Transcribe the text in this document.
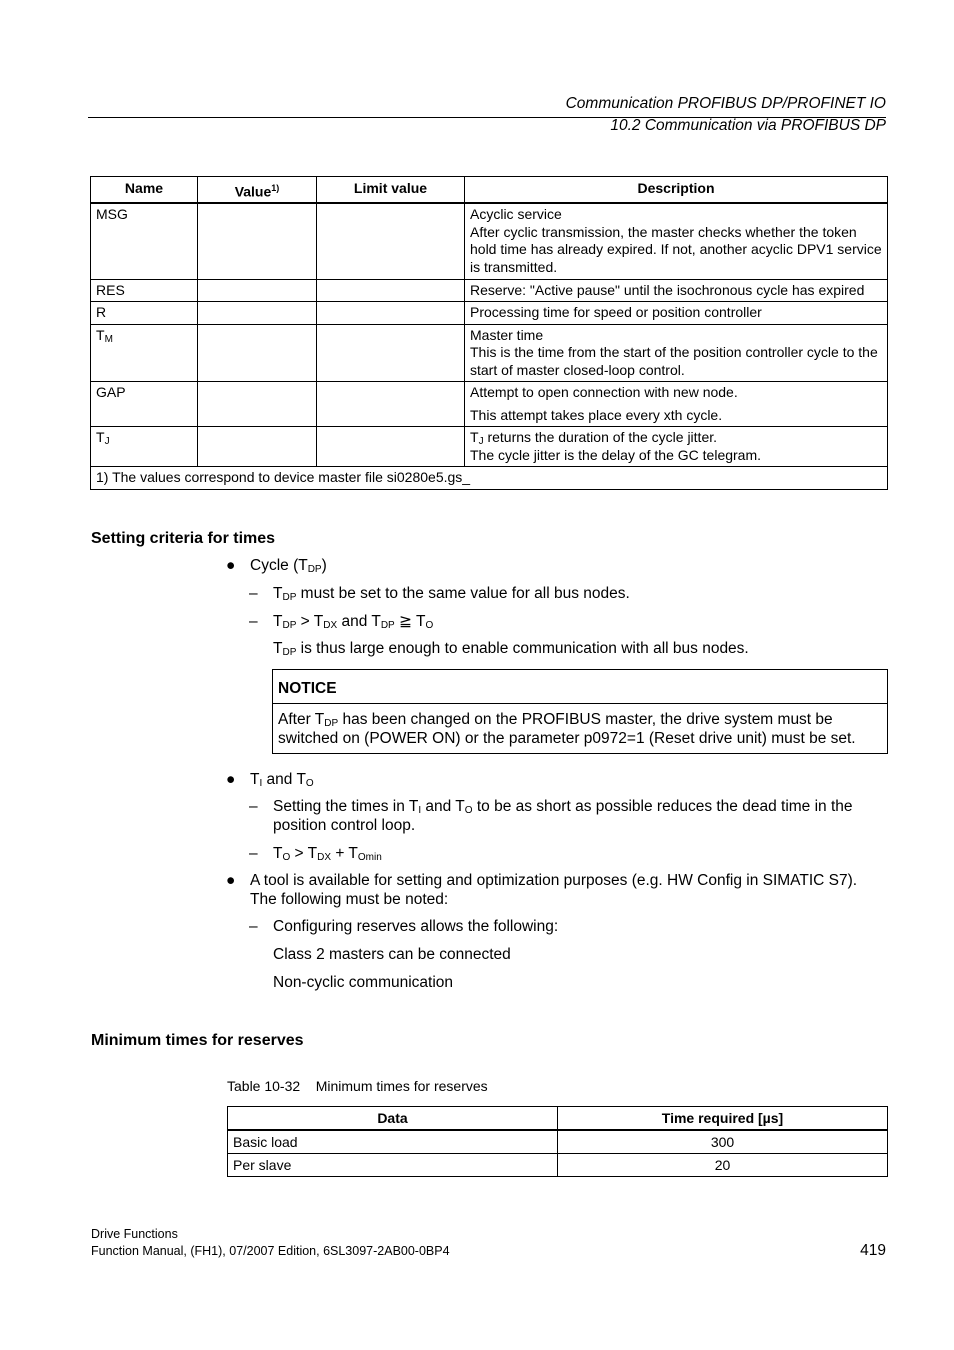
Communication PROFIBUS DP/PROFINET IO
10.2 Communication via PROFIBUS DP
Name	Value$^{1)}$	Limit value	Description
MSG			Acyclic service
After cyclic transmission, the master checks whether the token hold time has already expired. If not, another acyclic DPV1 service is transmitted.

RES			Reserve: "Active pause" until the isochronous cycle has expired

R			Processing time for speed or position controller

$T_M$			Master time
This is the time from the start of the position controller cycle to the start of master closed-loop control.

GAP			Attempt to open connection with new node.
This attempt takes place every xth cycle.

$T_J$			$T_J$ returns the duration of the cycle jitter.
The cycle jitter is the delay of the GC telegram.

1) The values correspond to device master file si0280e5.gs_			
Setting criteria for times
● Cycle $(T_{DP})$
– $T_{DP}$ must be set to the same value for all bus nodes.
– $T_{DP} > T_{DX}$ and $T_{DP}$ ≧ $T_O$
$T_{DP}$ is thus large enough to enable communication with all bus nodes.
NOTICE
After $T_{DP}$ has been changed on the PROFIBUS master, the drive system must be switched on (POWER ON) or the parameter p0972=1 (Reset drive unit) must be set.
● $T_I$ and $T_O$
– Setting the times in $T_I$ and $T_O$ to be as short as possible reduces the dead time in the position control loop.
– $T_O > T_{DX} + T_{Omin}$
● A tool is available for setting and optimization purposes (e.g. HW Config in SIMATIC S7). The following must be noted:
– Configuring reserves allows the following:
Class 2 masters can be connected
Non-cyclic communication
Minimum times for reserves
Table 10-32    Minimum times for reserves
Data	Time required [µs]
Basic load	300
Per slave	20
Drive Functions
Function Manual, (FH1), 07/2007 Edition, 6SL3097-2AB00-0BP4	419
